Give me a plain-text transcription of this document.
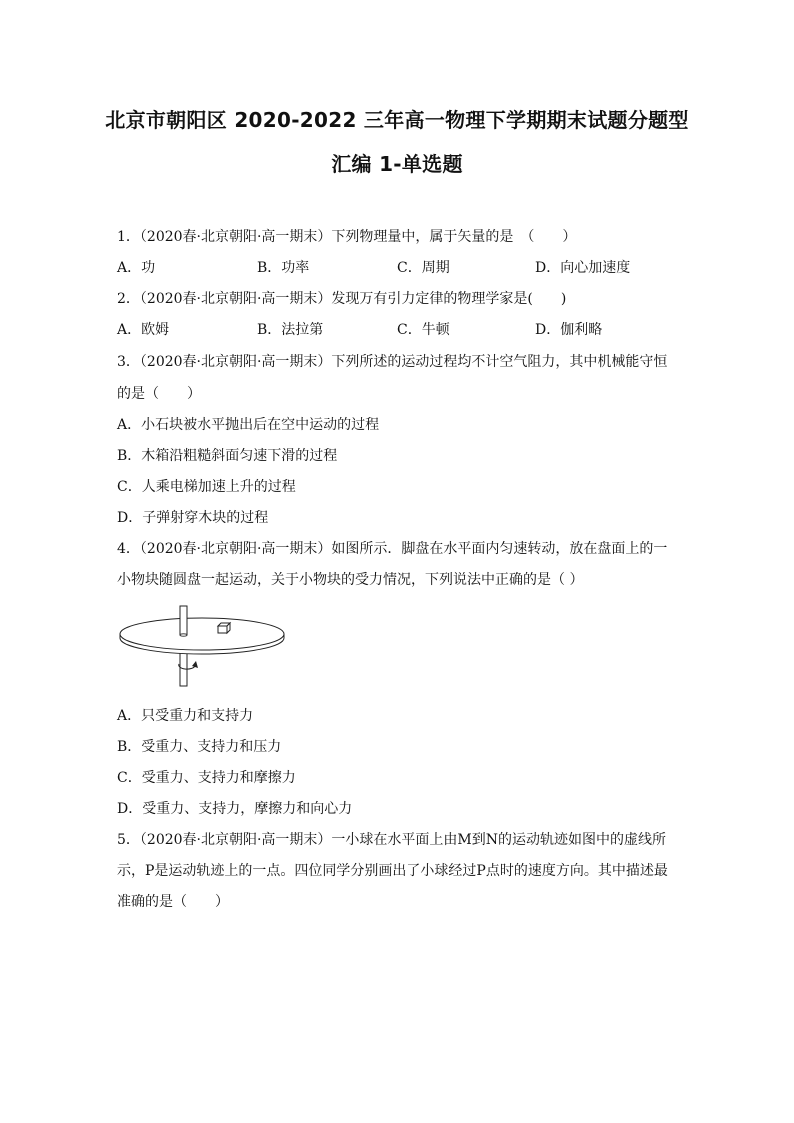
北京市朝阳区 2020-2022 三年高一物理下学期期末试题分题型
汇编 1-单选题
1．（2020春·北京朝阳·高一期末）下列物理量中，属于矢量的是　（　　）
A．功	B．功率	C．周期	D．向心加速度
2．（2020春·北京朝阳·高一期末）发现万有引力定律的物理学家是(　　)
A．欧姆	B．法拉第	C．牛顿	D．伽利略
3．（2020春·北京朝阳·高一期末）下列所述的运动过程均不计空气阻力，其中机械能守恒
的是（　　）
A．小石块被水平抛出后在空中运动的过程
B．木箱沿粗糙斜面匀速下滑的过程
C．人乘电梯加速上升的过程
D．子弹射穿木块的过程
4．（2020春·北京朝阳·高一期末）如图所示．脚盘在水平面内匀速转动，放在盘面上的一
小物块随圆盘一起运动，关于小物块的受力情况，下列说法中正确的是（ ）
A．只受重力和支持力
B．受重力、支持力和压力
C．受重力、支持力和摩擦力
D．受重力、支持力，摩擦力和向心力
5．（2020春·北京朝阳·高一期末）一小球在水平面上由M到N的运动轨迹如图中的虚线所
示，P是运动轨迹上的一点。四位同学分别画出了小球经过P点时的速度方向。其中描述最
准确的是（　　）
